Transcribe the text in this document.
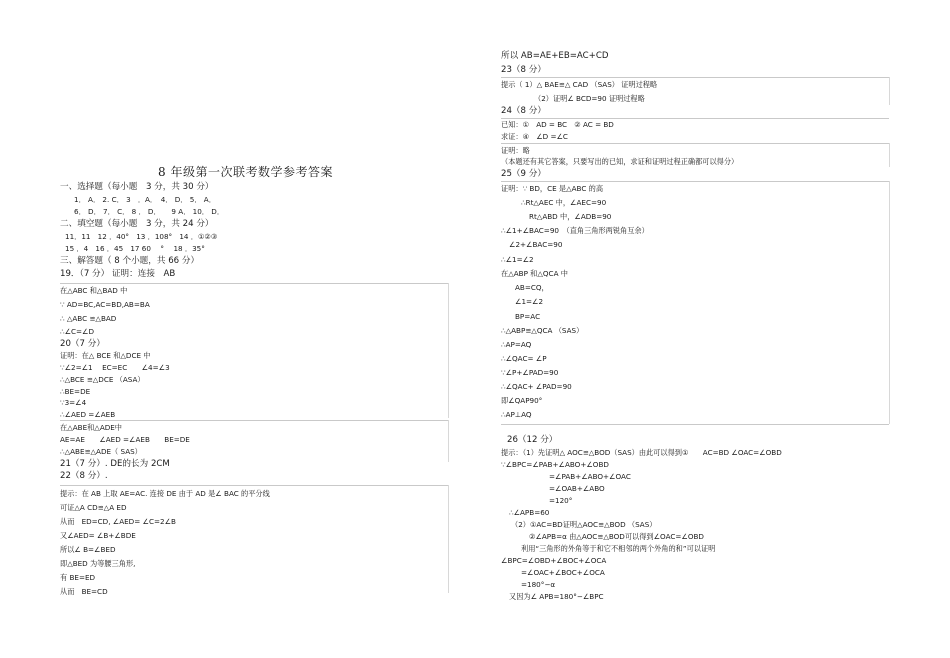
8 年级第一次联考数学参考答案
一、选择题（每小题　3 分，共 30 分）
1． A． 2. C． 3　．A．　4． D． 5． A．
6． D． 7． C． 8 ． D．　　9 A． 10． D．
二、填空题（每小题　3 分，共 24 分）
11．11　12 ．40°　13 ．108°　14 ．①②③
15 ．4　16 ．45　17 60　 °　 18 ．35°
三、解答题（ 8 个小题，共 66 分）
19．（7 分） 证明：连接　AB
在△ABC 和△BAD 中
∵ AD=BC,AC=BD,AB=BA
∴ △ABC ≌△BAD
∴∠C=∠D
20（7 分）
证明：在△ BCE 和△DCE 中
∵∠2=∠1　 EC=EC　　∠4=∠3
∴△BCE ≌△DCE （ASA）
∴BE=DE
∵3=∠4
∴∠AED =∠AEB
在△ABE和△ADE中
AE=AE　　∠AED =∠AEB　　BE=DE
∴△ABE≌△ADE（ SAS）
21（7 分）. DE的长为 2CM
22（8 分）.
提示：在 AB 上取 AE=AC. 连接 DE 由于 AD 是∠ BAC 的平分线
可证△A CD≌△A ED
从而　ED=CD, ∠AED= ∠C=2∠B
又∠AED= ∠B+∠BDE
所以∠ B=∠BED
即△BED 为等腰三角形,
有 BE=ED
从而　BE=CD
所以 AB=AE+EB=AC+CD
23（8 分）
提示（ 1）△ BAE≌△ CAD （SAS） 证明过程略
（2）证明∠ BCD=90 证明过程略
24（8 分）
已知：①　AD = BC　② AC = BD
求证：④　∠D =∠C
证明：略
（本题还有其它答案，只要写出的已知，求证和证明过程正确都可以得分）
25（9 分）
证明：∵ BD，CE 是△ABC 的高
∴Rt△AEC 中，∠AEC=90
Rt△ABD 中，∠ADB=90
∴∠1+∠BAC=90　（直角三角形两锐角互余）
∠2+∠BAC=90
∴∠1=∠2
在△ABP 和△QCA 中
AB=CQ，
∠1=∠2
BP=AC
∴△ABP≌△QCA （SAS）
∴AP=AQ
∴∠QAC= ∠P
∵∠P+∠PAD=90
∴∠QAC+ ∠PAD=90
即∠QAP90°
∴AP⊥AQ
26（12 分）
提示：（1）先证明△ AOC≌△BOD（SAS）由此可以得到①　　AC=BD ∠OAC=∠OBD
∵∠BPC=∠PAB+∠ABO+∠OBD
=∠PAB+∠ABO+∠OAC
=∠OAB+∠ABO
=120°
∴∠APB=60
（2）①AC=BD证明△AOC≌△BOD （SAS）
②∠APB=α 由△AOC≌△BOD可以得到∠OAC=∠OBD
利用“三角形的外角等于和它不相邻的两个外角的和”可以证明
∠BPC=∠OBD+∠BOC+∠OCA
=∠OAC+∠BOC+∠OCA
=180°−α
又因为∠ APB=180°−∠BPC
